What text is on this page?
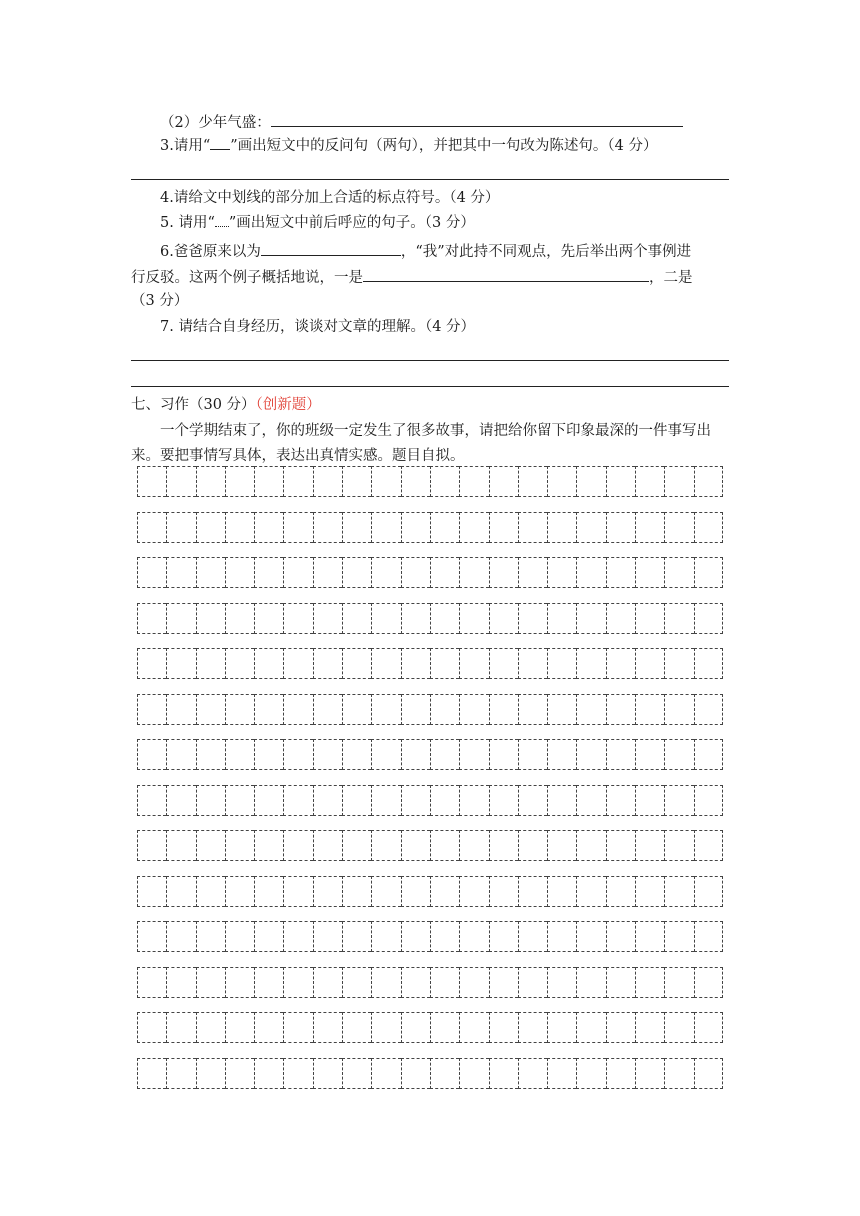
（2）少年气盛：
3.请用“ ”画出短文中的反问句（两句），并把其中一句改为陈述句。（4 分）
4.请给文中划线的部分加上合适的标点符号。（4 分）
5. 请用“ ”画出短文中前后呼应的句子。（3 分）
6.爸爸原来以为	，“我”对此持不同观点，先后举出两个事例进
行反驳。这两个例子概括地说，一是	，二是
（3 分）
7. 请结合自身经历，谈谈对文章的理解。（4 分）
七、习作（30 分）（创新题）
一个学期结束了，你的班级一定发生了很多故事，请把给你留下印象最深的一件事写出
来。要把事情写具体，表达出真情实感。题目自拟。
